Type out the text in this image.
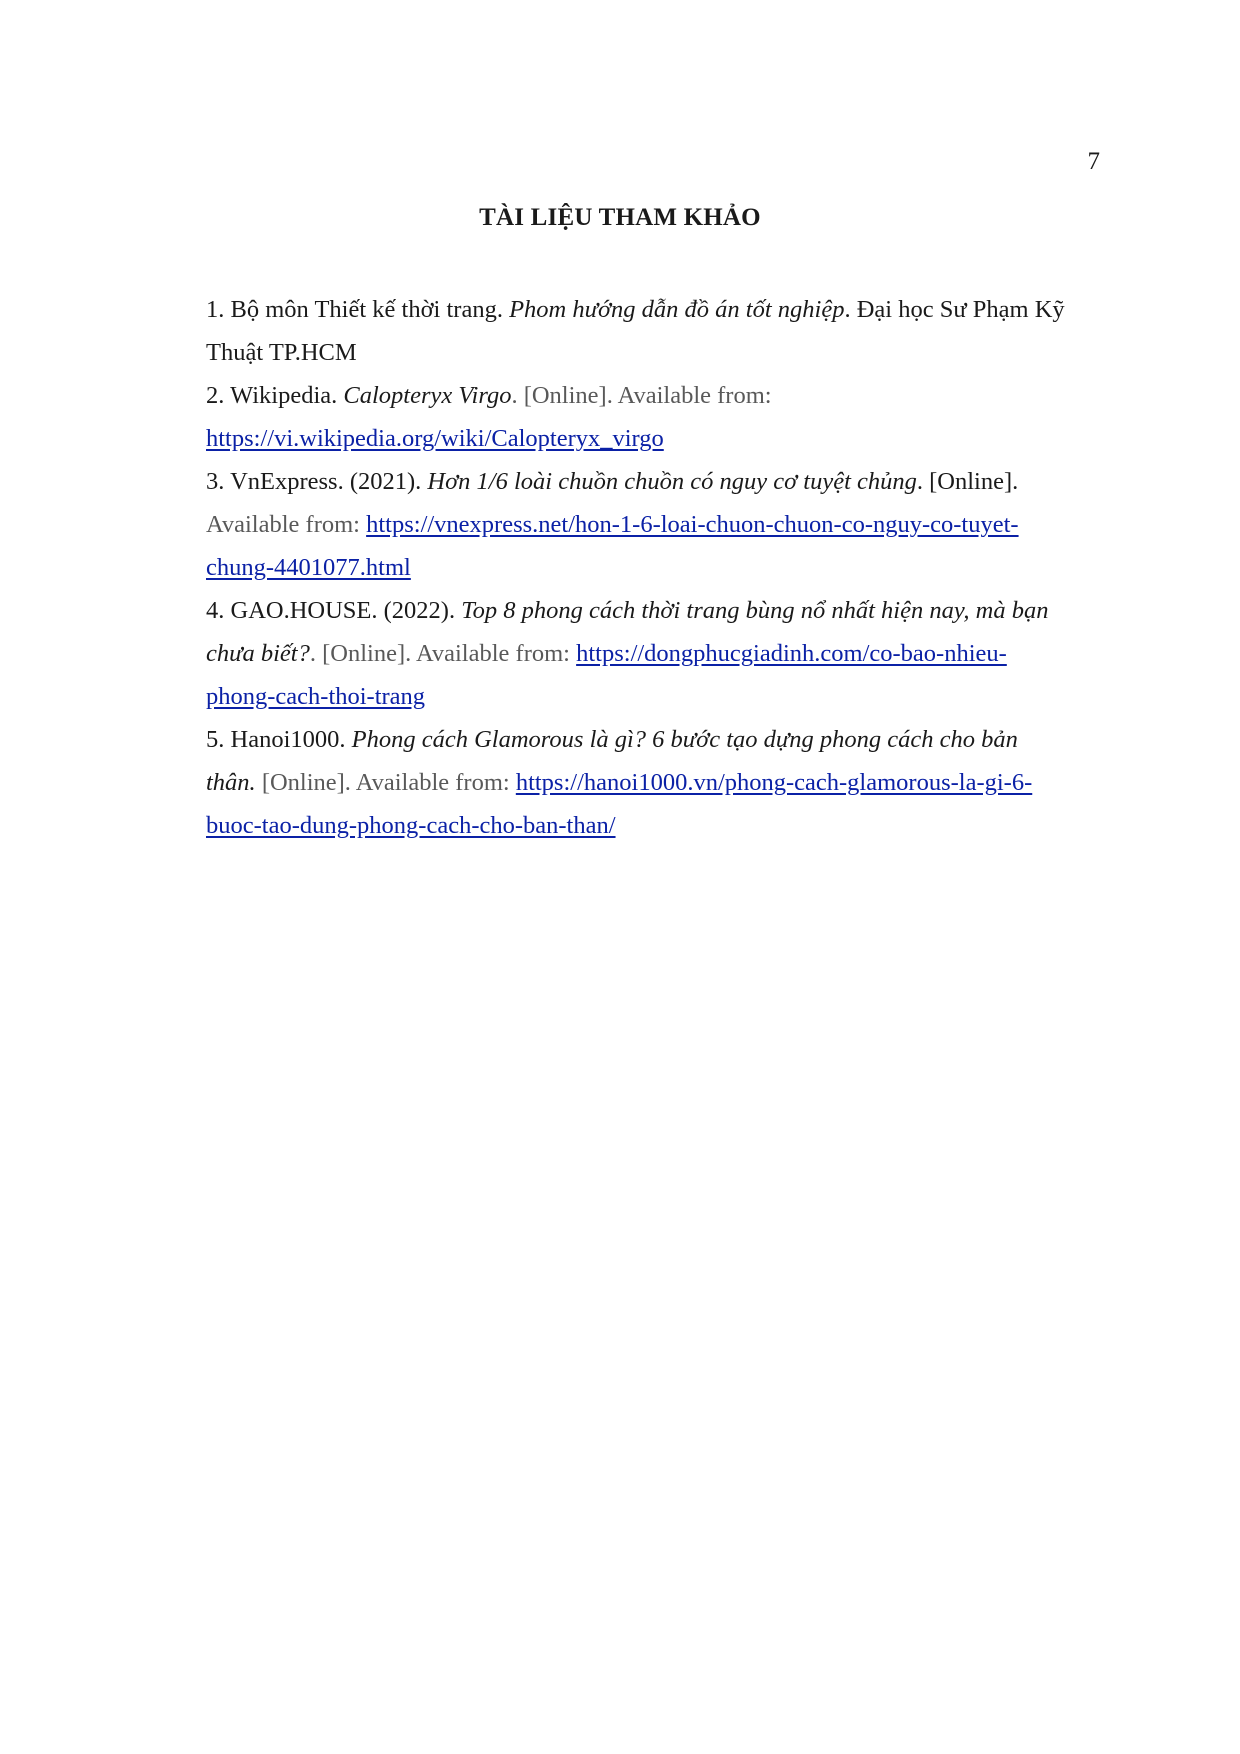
7
TÀI LIỆU THAM KHẢO

1. Bộ môn Thiết kế thời trang. Phom hướng dẫn đồ án tốt nghiệp. Đại học Sư Phạm Kỹ
Thuật TP.HCM

2. Wikipedia. Calopteryx Virgo. [Online]. Available from:
https://vi.wikipedia.org/wiki/Calopteryx_virgo

3. VnExpress. (2021). Hơn 1/6 loài chuồn chuồn có nguy cơ tuyệt chủng. [Online].
Available from: https://vnexpress.net/hon-1-6-loai-chuon-chuon-co-nguy-co-tuyet-
chung-4401077.html

4. GAO.HOUSE. (2022). Top 8 phong cách thời trang bùng nổ nhất hiện nay, mà bạn
chưa biết?. [Online]. Available from: https://dongphucgiadinh.com/co-bao-nhieu-
phong-cach-thoi-trang

5. Hanoi1000. Phong cách Glamorous là gì? 6 bước tạo dựng phong cách cho bản
thân. [Online]. Available from: https://hanoi1000.vn/phong-cach-glamorous-la-gi-6-
buoc-tao-dung-phong-cach-cho-ban-than/
